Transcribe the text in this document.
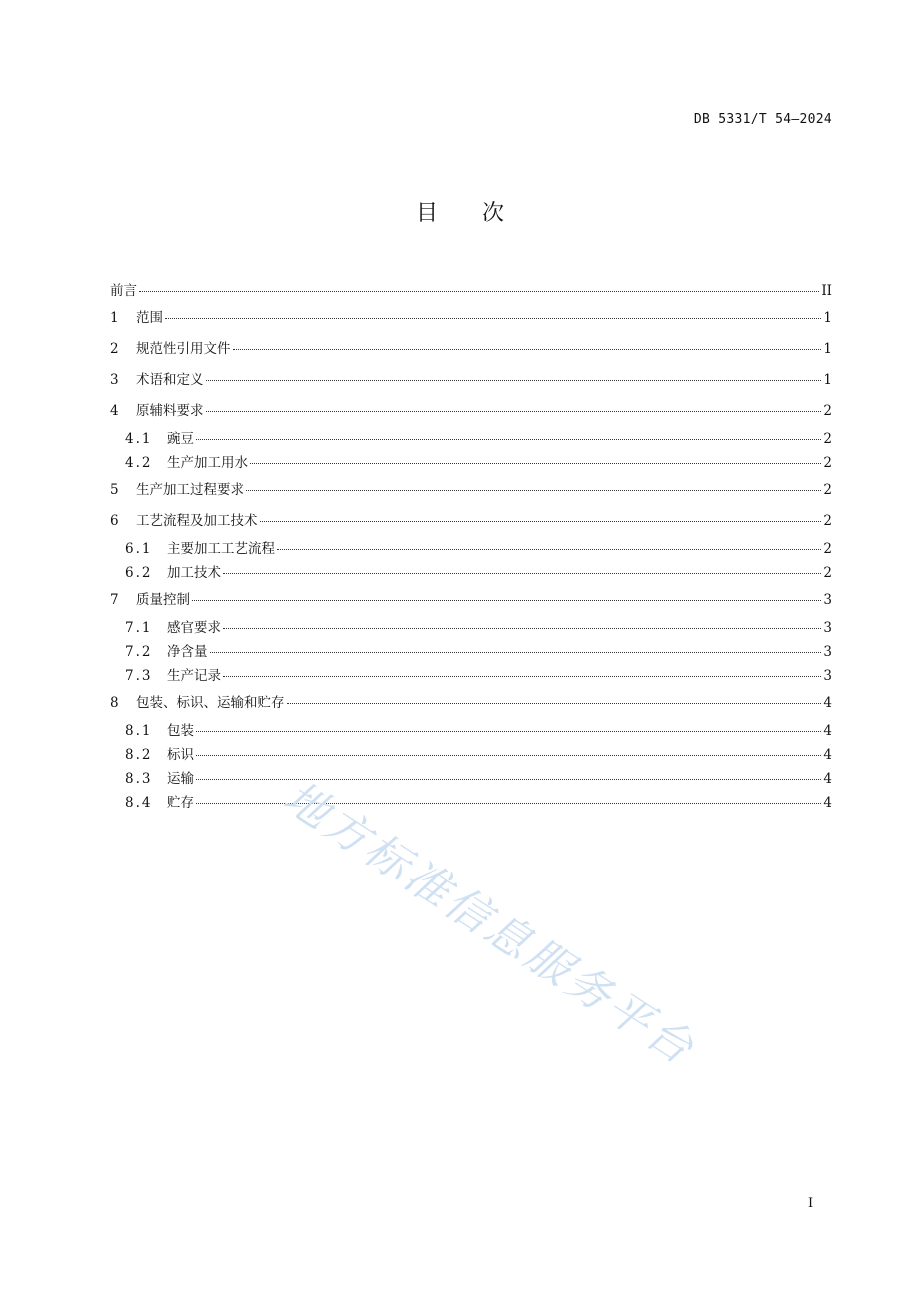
DB 5331/T 54—2024
目次
前言	II
1	范围	1
2	规范性引用文件	1
3	术语和定义	1
4	原辅料要求	2
4.1	豌豆	2
4.2	生产加工用水	2
5	生产加工过程要求	2
6	工艺流程及加工技术	2
6.1	主要加工工艺流程	2
6.2	加工技术	2
7	质量控制	3
7.1	感官要求	3
7.2	净含量	3
7.3	生产记录	3
8	包装、标识、运输和贮存	4
8.1	包装	4
8.2	标识	4
8.3	运输	4
8.4	贮存	4
地方标准信息服务平台
I
